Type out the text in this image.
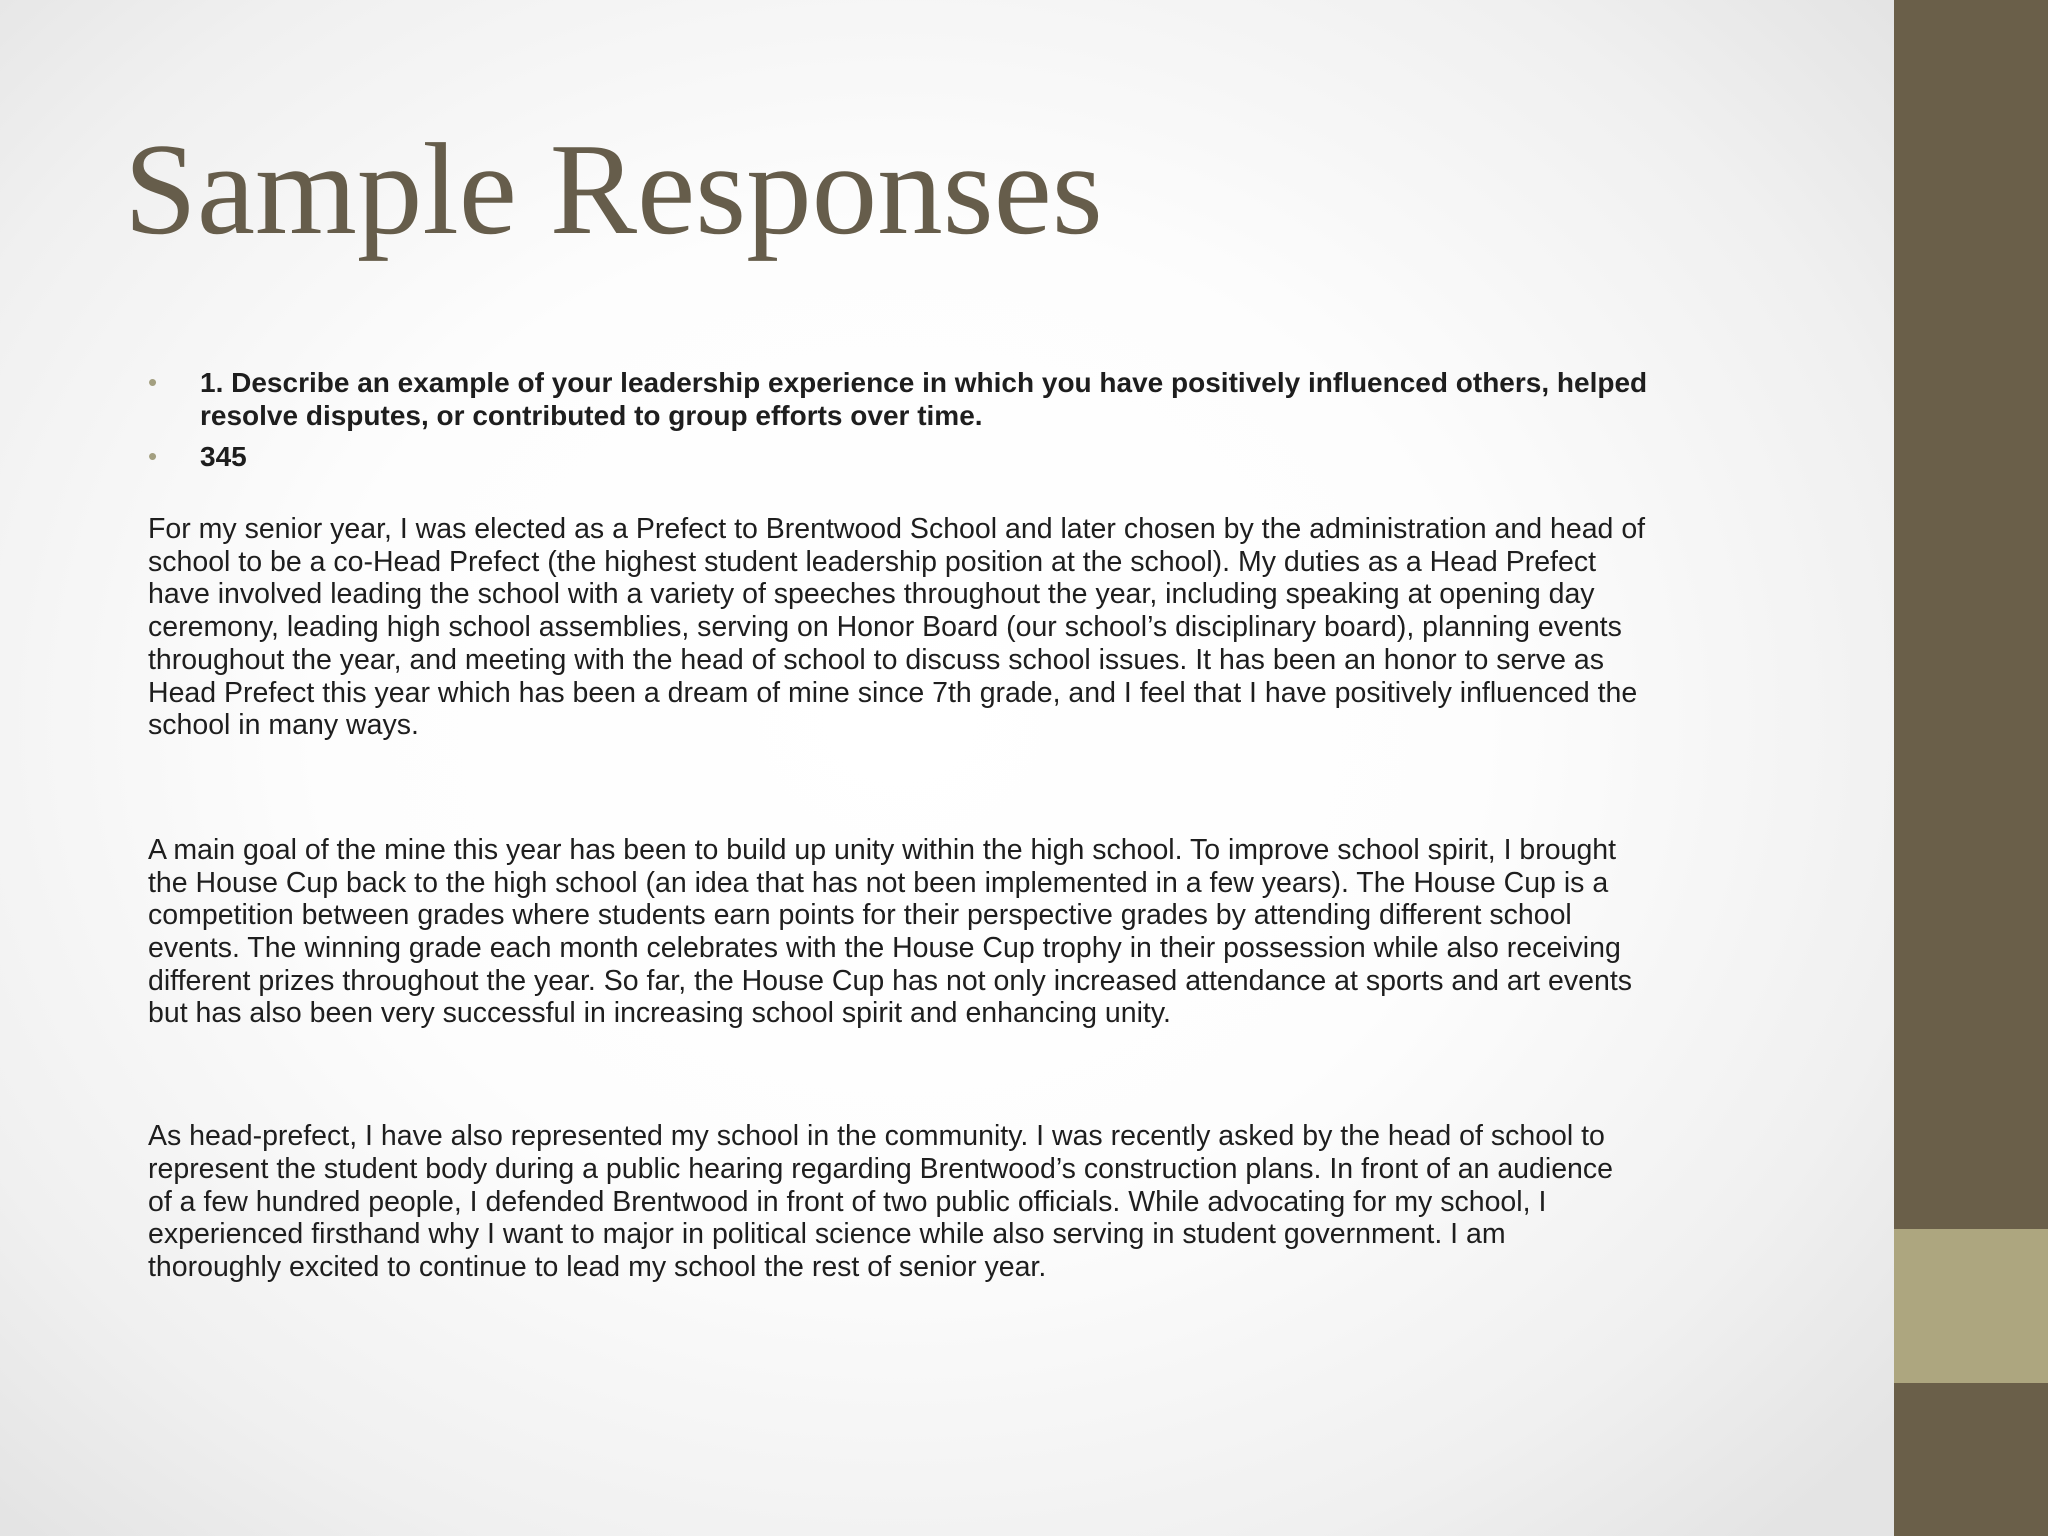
Sample Responses
• 1. Describe an example of your leadership experience in which you have positively influenced others, helped
resolve disputes, or contributed to group efforts over time.
• 345

For my senior year, I was elected as a Prefect to Brentwood School and later chosen by the administration and head of
school to be a co-Head Prefect (the highest student leadership position at the school). My duties as a Head Prefect
have involved leading the school with a variety of speeches throughout the year, including speaking at opening day
ceremony, leading high school assemblies, serving on Honor Board (our school’s disciplinary board), planning events
throughout the year, and meeting with the head of school to discuss school issues. It has been an honor to serve as
Head Prefect this year which has been a dream of mine since 7th grade, and I feel that I have positively influenced the
school in many ways.

A main goal of the mine this year has been to build up unity within the high school. To improve school spirit, I brought
the House Cup back to the high school (an idea that has not been implemented in a few years). The House Cup is a
competition between grades where students earn points for their perspective grades by attending different school
events. The winning grade each month celebrates with the House Cup trophy in their possession while also receiving
different prizes throughout the year. So far, the House Cup has not only increased attendance at sports and art events
but has also been very successful in increasing school spirit and enhancing unity.

As head-prefect, I have also represented my school in the community. I was recently asked by the head of school to
represent the student body during a public hearing regarding Brentwood’s construction plans. In front of an audience
of a few hundred people, I defended Brentwood in front of two public officials. While advocating for my school, I
experienced firsthand why I want to major in political science while also serving in student government. I am
thoroughly excited to continue to lead my school the rest of senior year.
